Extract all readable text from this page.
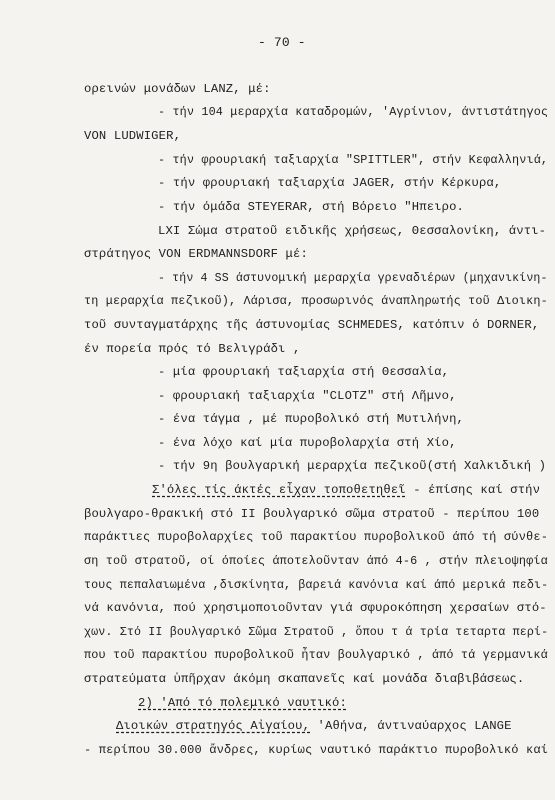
- 70 -
ορεινών μονάδων LANZ, μέ:
- τήν 104 μεραρχία καταδρομών, 'Αγρίνιον, άντιστάτηγος
VON LUDWIGER,
- τήν φρουριακή ταξιαρχία "SPITTLER", στήν Κεφαλληνιά,
- τήν φρουριακή ταξιαρχία JAGER, στήν Κέρκυρα,
- τήν όμάδα STEYERAR, στή Βόρειο "Ηπειρο.
LXI Σώμα στρατοῦ ειδικῆς χρήσεως, Θεσσαλονίκη, άντι-
στράτηγος VON ERDMANNSDORF μέ:
- τήν 4 SS άστυνομική μεραρχία γρεναδιέρων (μηχανικίνη-
τη μεραρχία πεζικοῦ), Λάρισα, προσωρινός άναπληρωτής τοῦ Διοικη-
τοῦ συνταγματάρχης τῆς άστυνομίας SCHMEDES, κατόπιν ό DORNER,
έν πορεία πρός τό Βελιγράδι ,
- μία φρουριακή ταξιαρχία στή Θεσσαλία,
- φρουριακή ταξιαρχία "CLOTZ" στή Λῆμνο,
- ένα τάγμα , μέ πυροβολικό στή Μυτιλήνη,
- ένα λόχο καί μία πυροβολαρχία στή Χίο,
- τήν 9η βουλγαρική μεραρχία πεζικοῦ(στή Χαλκιδική )
Σ'όλες τίς άκτές εἶχαν τοποθετηθεῖ - έπίσης καί στήν
βουλγαρο-θρακική στό II βουλγαρικό σῶμα στρατοῦ - περίπου 100
παράκτιες πυροβολαρχίες τοῦ παρακτίου πυροβολικοῦ άπό τή σύνθε-
ση τοῦ στρατοῦ, οί όποίες άποτελοῦνταν άπό 4-6 , στήν πλειοψηφία
τους πεπαλαιωμένα ,δισκίνητα, βαρειά κανόνια καί άπό μερικά πεδι-
νά κανόνια, πού χρησιμοποιοῦνταν γιά σφυροκόπηση χερσαίων στό-
χων. Στό II βουλγαρικό Σῶμα Στρατοῦ , ὅπου τ ά τρία τεταρτα περί-
που τοῦ παρακτίου πυροβολικοῦ ἦταν βουλγαρικό , άπό τά γερμανικά
στρατεύματα ὑπῆρχαν άκόμη σκαπανεῖς καί μονάδα διαβιβάσεως.
2) 'Από τό πολεμικό ναυτικό:
Διοικών στρατηγός Αἰγαίου, 'Αθήνα, άντιναύαρχος LANGE
- περίπου 30.000 ἄνδρες, κυρίως ναυτικό παράκτιο πυροβολικό καί
